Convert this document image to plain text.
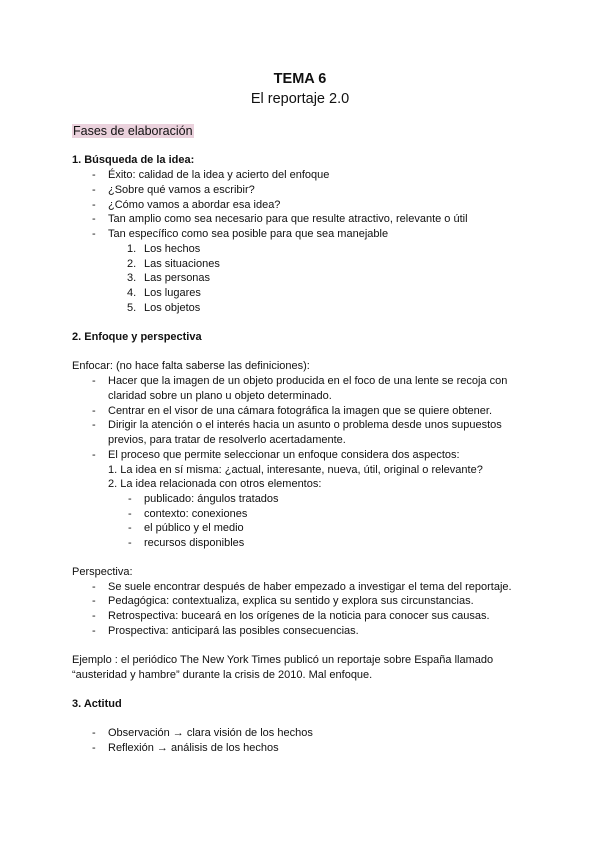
TEMA 6
El reportaje 2.0
Fases de elaboración
1. Búsqueda de la idea:
2. Enfoque y perspectiva
Enfocar: (no hace falta saberse las definiciones):
Perspectiva:
Ejemplo : el periódico The New York Times publicó un reportaje sobre España llamado
“austeridad y hambre” durante la crisis de 2010. Mal enfoque.
3. Actitud
- Éxito: calidad de la idea y acierto del enfoque
- ¿Sobre qué vamos a escribir?
- ¿Cómo vamos a abordar esa idea?
- Tan amplio como sea necesario para que resulte atractivo, relevante o útil
- Tan específico como sea posible para que sea manejable
1. Los hechos
2. Las situaciones
3. Las personas
4. Los lugares
5. Los objetos
- Hacer que la imagen de un objeto producida en el foco de una lente se recoja con
claridad sobre un plano u objeto determinado.
- Centrar en el visor de una cámara fotográfica la imagen que se quiere obtener.
- Dirigir la atención o el interés hacia un asunto o problema desde unos supuestos
previos, para tratar de resolverlo acertadamente.
- El proceso que permite seleccionar un enfoque considera dos aspectos:
1. La idea en sí misma: ¿actual, interesante, nueva, útil, original o relevante?
2. La idea relacionada con otros elementos:
- publicado: ángulos tratados
- contexto: conexiones
- el público y el medio
- recursos disponibles
- Se suele encontrar después de haber empezado a investigar el tema del reportaje.
- Pedagógica: contextualiza, explica su sentido y explora sus circunstancias.
- Retrospectiva: buceará en los orígenes de la noticia para conocer sus causas.
- Prospectiva: anticipará las posibles consecuencias.
- Observación → clara visión de los hechos
- Reflexión → análisis de los hechos
